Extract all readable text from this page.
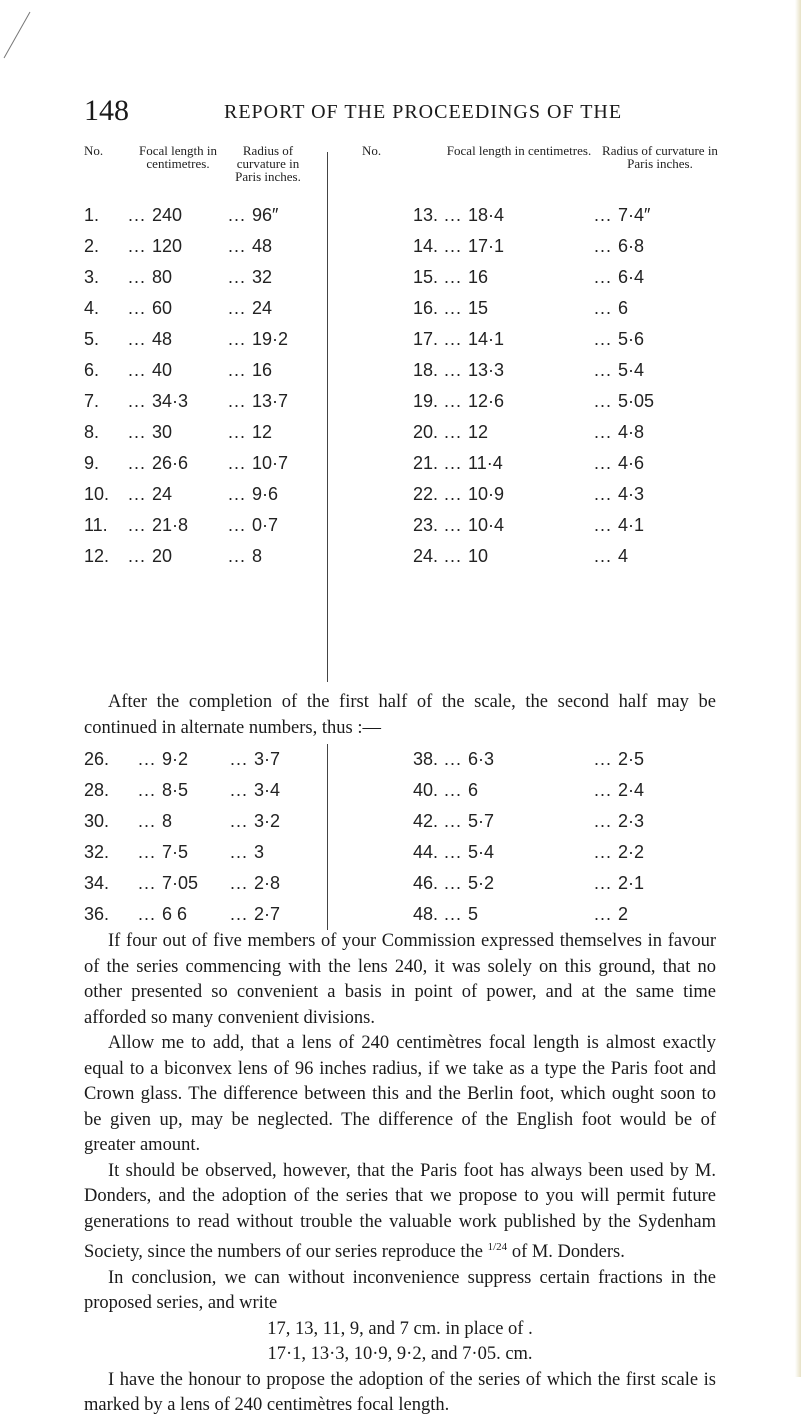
148	REPORT OF THE PROCEEDINGS OF THE
No.	Focal length in centimetres.	Radius of curvature in Paris inches.
1.	... 240	... 96″
2.	... 120	... 48
3.	... 80	... 32
4.	... 60	... 24
5.	... 48	... 19·2
6.	... 40	... 16
7.	... 34·3	... 13·7
8.	... 30	... 12
9.	... 26·6	... 10·7
10.	... 24	... 9·6
11.	... 21·8	... 0·7
12.	... 20	... 8
No.	Focal length in centimetres.	Radius of curvature in Paris inches.
13.	... 18·4	... 7·4″
14.	... 17·1	... 6·8
15.	... 16	... 6·4
16.	... 15	... 6
17.	... 14·1	... 5·6
18.	... 13·3	... 5·4
19.	... 12·6	... 5·05
20.	... 12	... 4·8
21.	... 11·4	... 4·6
22.	... 10·9	... 4·3
23.	... 10·4	... 4·1
24.	... 10	... 4

After the completion of the first half of the scale, the second half may be continued in alternate numbers, thus :—

26.	... 9·2	... 3·7
28.	... 8·5	... 3·4
30.	... 8	... 3·2
32.	... 7·5	... 3
34.	... 7·05	... 2·8
36.	... 6 6	... 2·7
38.	... 6·3	... 2·5
40.	... 6	... 2·4
42.	... 5·7	... 2·3
44.	... 5·4	... 2·2
46.	... 5·2	... 2·1
48.	... 5	... 2

If four out of five members of your Commission expressed themselves in favour of the series commencing with the lens 240, it was solely on this ground, that no other presented so convenient a basis in point of power, and at the same time afforded so many convenient divisions.

Allow me to add, that a lens of 240 centimètres focal length is almost exactly equal to a biconvex lens of 96 inches radius, if we take as a type the Paris foot and Crown glass. The difference between this and the Berlin foot, which ought soon to be given up, may be neglected. The difference of the English foot would be of greater amount.

It should be observed, however, that the Paris foot has always been used by M. Donders, and the adoption of the series that we propose to you will permit future generations to read without trouble the valuable work published by the Sydenham Society, since the numbers of our series reproduce the $^{1/24}$ of M. Donders.

In conclusion, we can without inconvenience suppress certain fractions in the proposed series, and write

17, 13, 11, 9, and 7 cm. in place of .

17·1, 13·3, 10·9, 9·2, and 7·05. cm.

I have the honour to propose the adoption of the series of which the first scale is marked by a lens of 240 centimètres focal length.
